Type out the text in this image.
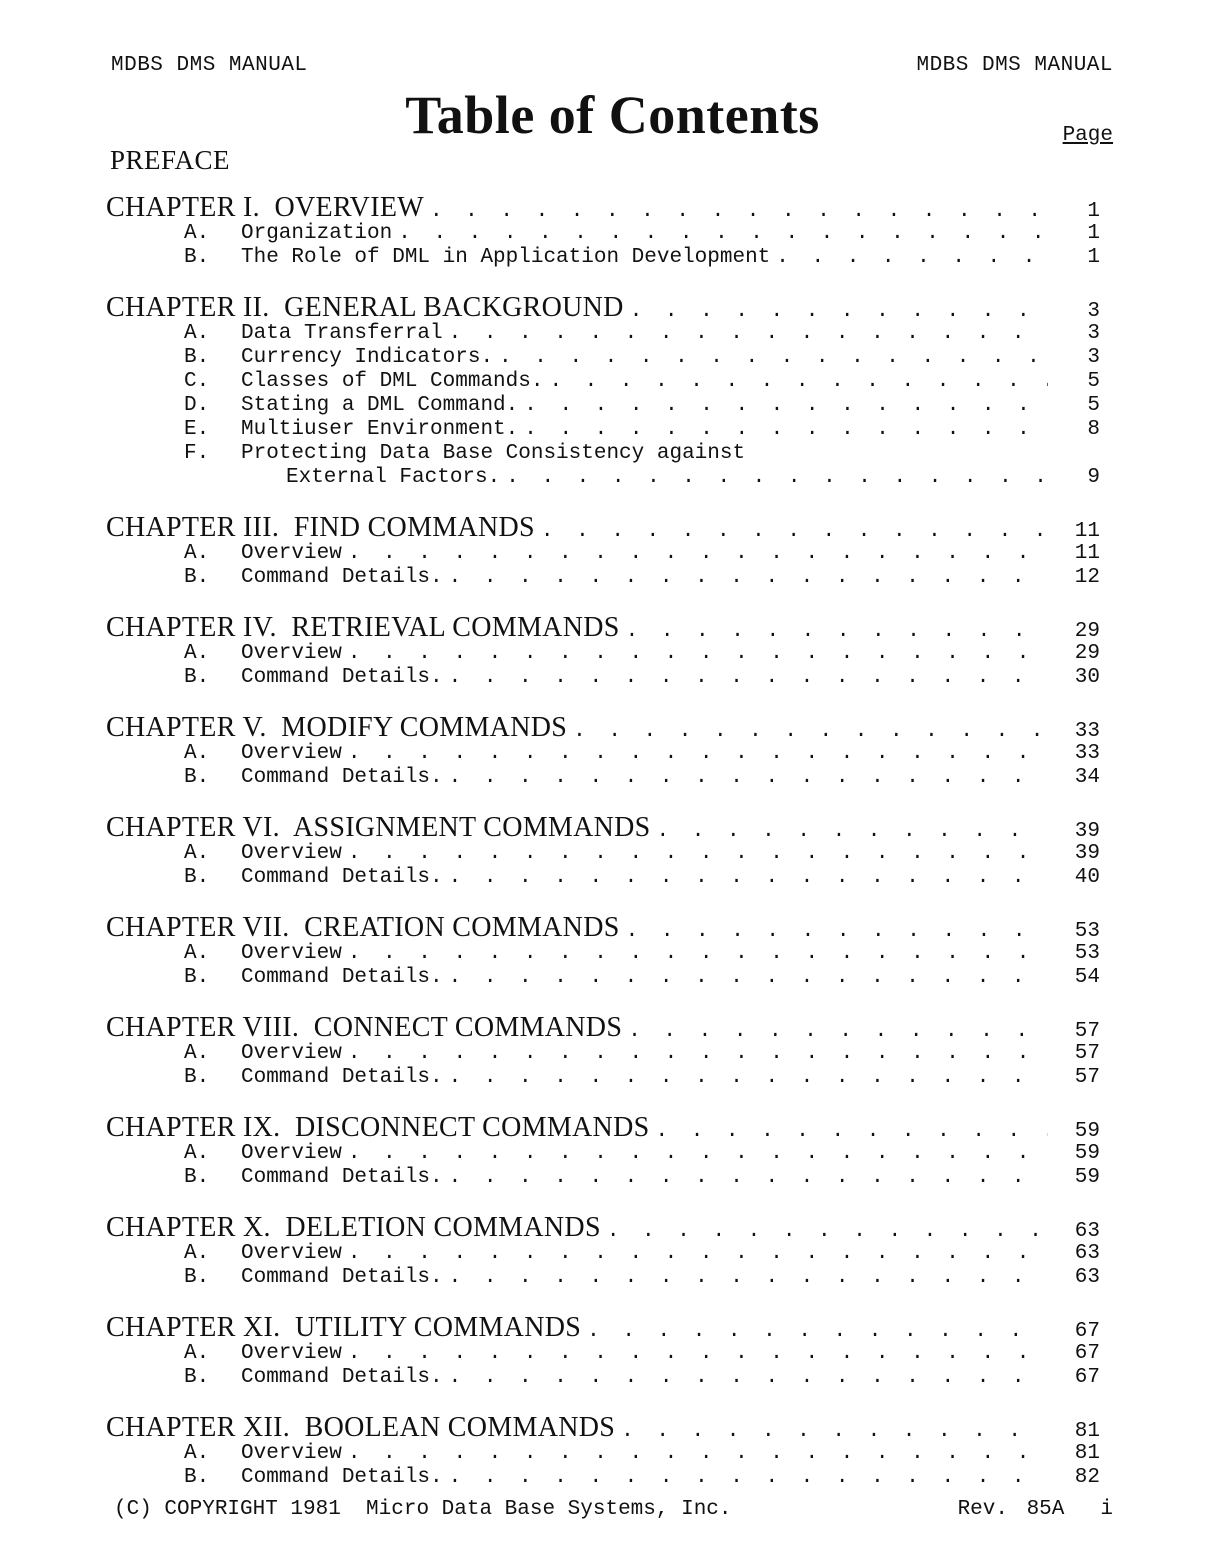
MDBS DMS MANUAL	MDBS DMS MANUAL
Table of Contents	Page
PREFACE
CHAPTER I.  OVERVIEW . . .	1
A.	Organization . . .	1
B.	The Role of DML in Application Development . . .	1
CHAPTER II.  GENERAL BACKGROUND . . .	3
A.	Data Transferral . . .	3
B.	Currency Indicators. . . .	3
C.	Classes of DML Commands. . . .	5
D.	Stating a DML Command. . . .	5
E.	Multiuser Environment. . . .	8
F.	Protecting Data Base Consistency against
External Factors. . . .	9
CHAPTER III.  FIND COMMANDS . . .	11
A.	Overview . . .	11
B.	Command Details. . . .	12
CHAPTER IV.  RETRIEVAL COMMANDS . . .	29
A.	Overview . . .	29
B.	Command Details. . . .	30
CHAPTER V.  MODIFY COMMANDS . . .	33
A.	Overview . . .	33
B.	Command Details. . . .	34
CHAPTER VI.  ASSIGNMENT COMMANDS . . .	39
A.	Overview . . .	39
B.	Command Details. . . .	40
CHAPTER VII.  CREATION COMMANDS . . .	53
A.	Overview . . .	53
B.	Command Details. . . .	54
CHAPTER VIII.  CONNECT COMMANDS . . .	57
A.	Overview . . .	57
B.	Command Details. . . .	57
CHAPTER IX.  DISCONNECT COMMANDS . . .	59
A.	Overview . . .	59
B.	Command Details. . . .	59
CHAPTER X.  DELETION COMMANDS . . .	63
A.	Overview . . .	63
B.	Command Details. . . .	63
CHAPTER XI.  UTILITY COMMANDS . . .	67
A.	Overview . . .	67
B.	Command Details. . . .	67
CHAPTER XII.  BOOLEAN COMMANDS . . .	81
A.	Overview . . .	81
B.	Command Details. . . .	82
(C) COPYRIGHT 1981  Micro Data Base Systems, Inc.	Rev. 85A i
